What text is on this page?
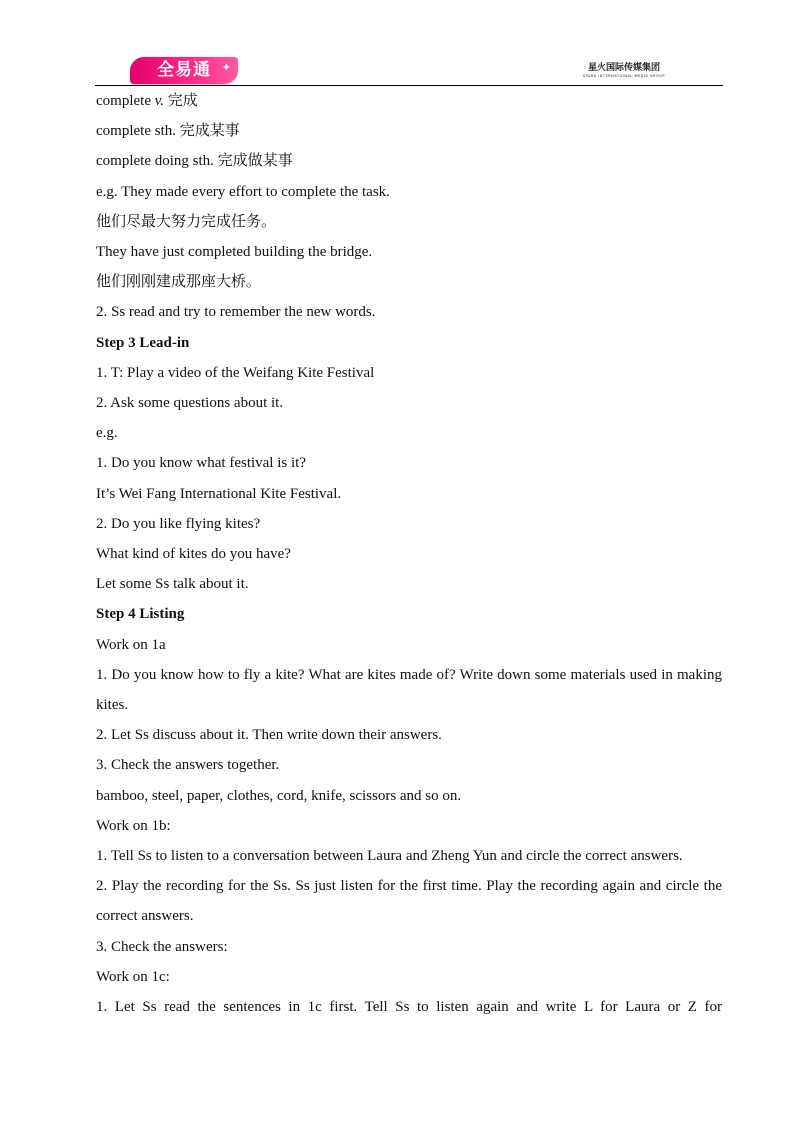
全易通 ✦	星火国际传媒集团
SPARK INTERNATIONAL MEDIA GROUP

complete v. 完成

complete sth. 完成某事

complete doing sth. 完成做某事

e.g. They made every effort to complete the task.

他们尽最大努力完成任务。

They have just completed building the bridge.

他们刚刚建成那座大桥。

2. Ss read and try to remember the new words.

Step 3 Lead-in

1. T: Play a video of the Weifang Kite Festival

2. Ask some questions about it.

e.g.

1. Do you know what festival is it?

It’s Wei Fang International Kite Festival.

2. Do you like flying kites?

What kind of kites do you have?

Let some Ss talk about it.

Step 4 Listing

Work on 1a

1. Do you know how to fly a kite? What are kites made of? Write down some materials used in making kites.

2. Let Ss discuss about it. Then write down their answers.

3. Check the answers together.

bamboo, steel, paper, clothes, cord, knife, scissors and so on.

Work on 1b:

1. Tell Ss to listen to a conversation between Laura and Zheng Yun and circle the correct answers.

2. Play the recording for the Ss. Ss just listen for the first time. Play the recording again and circle the correct answers.

3. Check the answers:

Work on 1c:

1. Let Ss read the sentences in 1c first. Tell Ss to listen again and write L for Laura or Z for
